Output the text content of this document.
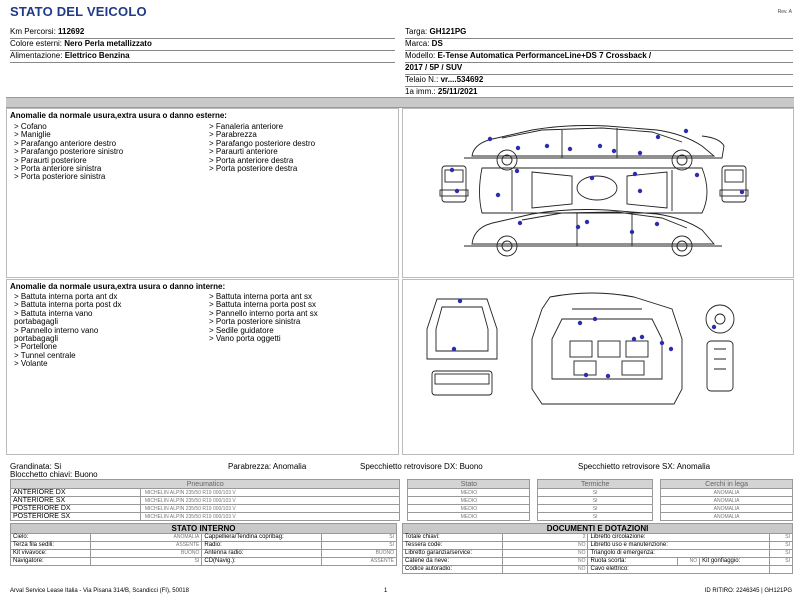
STATO DEL VEICOLO	Rev. A
Km Percorsi: 112692
Colore esterni: Nero Perla metallizzato
Alimentazione: Elettrico Benzina
Targa: GH121PG
Marca: DS
Modello: E-Tense Automatica PerformanceLine+DS 7 Crossback /
2017 / 5P / SUV
Telaio N.: vr....534692
1a imm.: 25/11/2021
Anomalie da normale usura,extra usura o danno esterne:
> Cofano
> Maniglie
> Parafango anteriore destro
> Parafango posteriore sinistro
> Paraurti posteriore
> Porta anteriore sinistra
> Porta posteriore sinistra
> Fanaleria anteriore
> Parabrezza
> Parafango posteriore destro
> Paraurti anteriore
> Porta anteriore destra
> Porta posteriore destra
Anomalie da normale usura,extra usura o danno interne:
> Battuta interna porta ant dx
> Battuta interna porta post dx
> Battuta interna vano
portabagagli
> Pannello interno vano
portabagagli
> Portellone
> Tunnel centrale
> Volante
> Battuta interna porta ant sx
> Battuta interna porta post sx
> Pannello interno porta ant sx
> Porta posteriore sinistra
> Sedile guidatore
> Vano porta oggetti
Grandinata: Si
Blocchetto chiavi: Buono
Parabrezza: Anomalia	Specchietto retrovisore DX: Buono	Specchietto retrovisore SX: Anomalia
Pneumatico			Stato		Termiche		Cerchi in lega
ANTERIORE DX	MICHELIN ALPIN 235/50 R19 000/103 V		MEDIO		SI		ANOMALIA
ANTERIORE SX	MICHELIN ALPIN 235/50 R19 000/103 V		MEDIO		SI		ANOMALIA
POSTERIORE DX	MICHELIN ALPIN 235/50 R19 000/103 V		MEDIO		SI		ANOMALIA
POSTERIORE SX	MICHELIN ALPIN 235/50 R19 000/103 V		MEDIO		SI		ANOMALIA
STATO INTERNO
Cielo:	ANOMALIA	Cappelliera/Tendina copribag:	SI
Terza fila sedili:	ASSENTE	Radio:	SI
Kit vivavoce:	BUONO	Antenna radio:	BUONO
Navigatore:	SI	CD(Navig.):	ASSENTE
DOCUMENTI E DOTAZIONI
Totale chiavi:	2	Libretto circolazione:			SI
Tessera code:	NO	Libretto uso e manutenzione:			SI
Libretto garanzia/service:	NO	Triangolo di emergenza:			SI
Catene da neve:	NO	Ruota scorta:	NO	Kit gonfiaggio:	SI
Codice autoradio:	NO	Cavo elettrico:			
Arval Service Lease Italia - Via Pisana 314/B, Scandicci (FI), 50018	1	ID RITIRO: 2246345 | GH121PG
